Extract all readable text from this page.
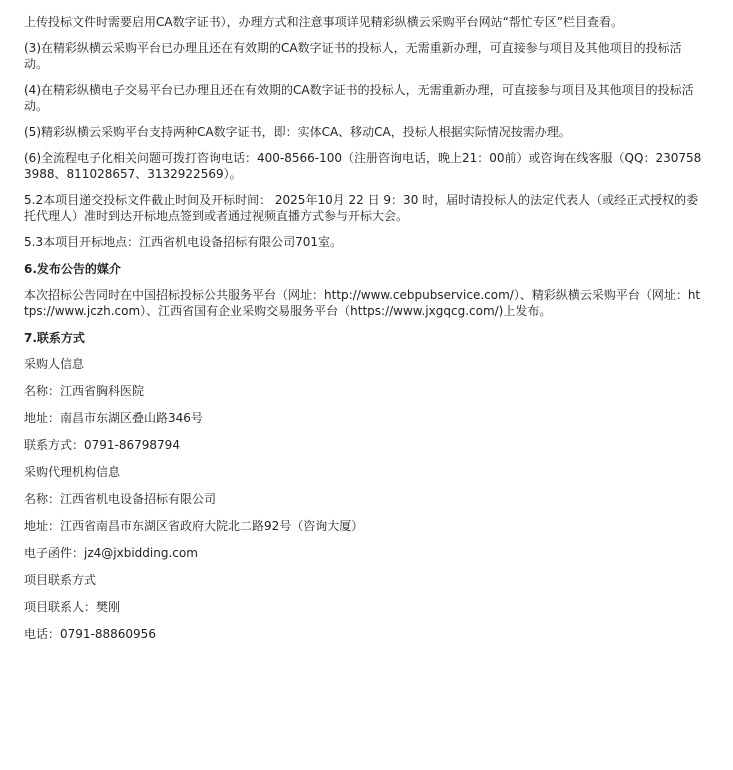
上传投标文件时需要启用CA数字证书），办理方式和注意事项详见精彩纵横云采购平台网站“帮忙专区”栏目查看。

(3)在精彩纵横云采购平台已办理且还在有效期的CA数字证书的投标人，无需重新办理，可直接参与项目及其他项目的投标活动。

(4)在精彩纵横电子交易平台已办理且还在有效期的CA数字证书的投标人，无需重新办理，可直接参与项目及其他项目的投标活动。

(5)精彩纵横云采购平台支持两种CA数字证书，即：实体CA、移动CA，投标人根据实际情况按需办理。

(6)全流程电子化相关问题可拨打咨询电话：400-8566-100（注册咨询电话，晚上21：00前）或咨询在线客服（QQ：2307583988、811028657、3132922569）。

5.2本项目递交投标文件截止时间及开标时间： 2025年10月 22 日 9：30 时，届时请投标人的法定代表人（或经正式授权的委托代理人）准时到达开标地点签到或者通过视频直播方式参与开标大会。

5.3本项目开标地点：江西省机电设备招标有限公司701室。

6.发布公告的媒介

本次招标公告同时在中国招标投标公共服务平台（网址：http://www.cebpubservice.com/）、精彩纵横云采购平台（网址：https://www.jczh.com）、江西省国有企业采购交易服务平台（https://www.jxgqcg.com/)上发布。

7.联系方式

采购人信息

名称：江西省胸科医院

地址：南昌市东湖区叠山路346号

联系方式：0791-86798794

采购代理机构信息

名称：江西省机电设备招标有限公司

地址：江西省南昌市东湖区省政府大院北二路92号（咨询大厦）

电子函件：jz4@jxbidding.com

项目联系方式

项目联系人：樊刚

电话：0791-88860956
